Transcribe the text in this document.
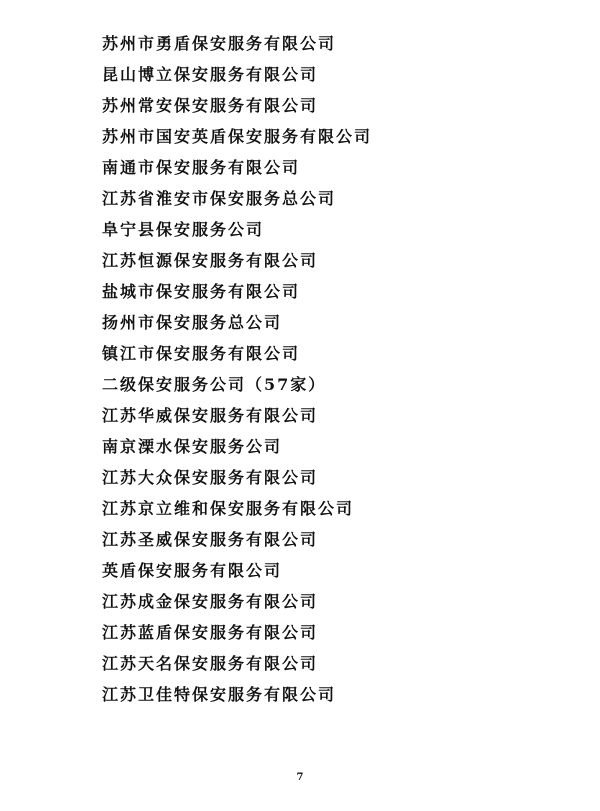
苏州市勇盾保安服务有限公司
昆山博立保安服务有限公司
苏州常安保安服务有限公司
苏州市国安英盾保安服务有限公司
南通市保安服务有限公司
江苏省淮安市保安服务总公司
阜宁县保安服务公司
江苏恒源保安服务有限公司
盐城市保安服务有限公司
扬州市保安服务总公司
镇江市保安服务有限公司
二级保安服务公司（57家）
江苏华威保安服务有限公司
南京溧水保安服务公司
江苏大众保安服务有限公司
江苏京立维和保安服务有限公司
江苏圣威保安服务有限公司
英盾保安服务有限公司
江苏成金保安服务有限公司
江苏蓝盾保安服务有限公司
江苏天名保安服务有限公司
江苏卫佳特保安服务有限公司
7
